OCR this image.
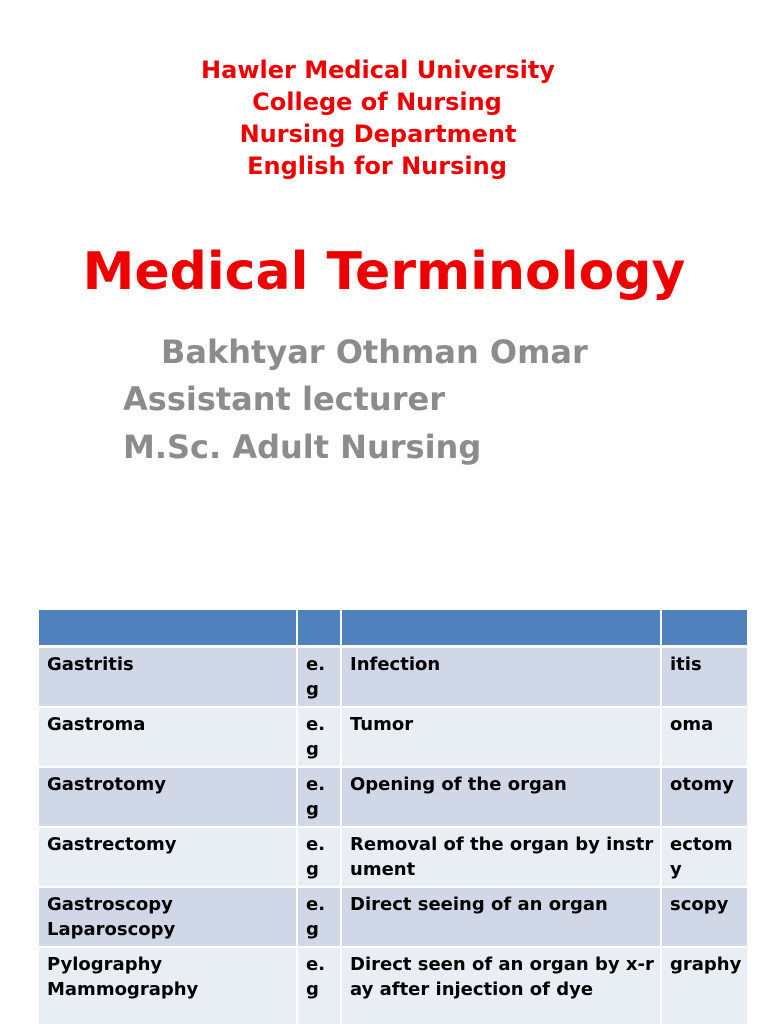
Hawler Medical University
College of Nursing
Nursing Department
English for Nursing
Medical Terminology
Bakhtyar Othman Omar
Assistant lecturer
M.Sc. Adult Nursing

Gastritis	e.g	Infection	itis

Gastroma	e.g	Tumor	oma

Gastrotomy	e.g	Opening of the organ	otomy

Gastrectomy	e.g	Removal of the organ by instrument	ectomy

Gastroscopy
Laparoscopy	e.g	Direct seeing of an organ	scopy

Pylography
Mammography	e.g	Direct seen of an organ by x-ray after injection of dye	graphy
